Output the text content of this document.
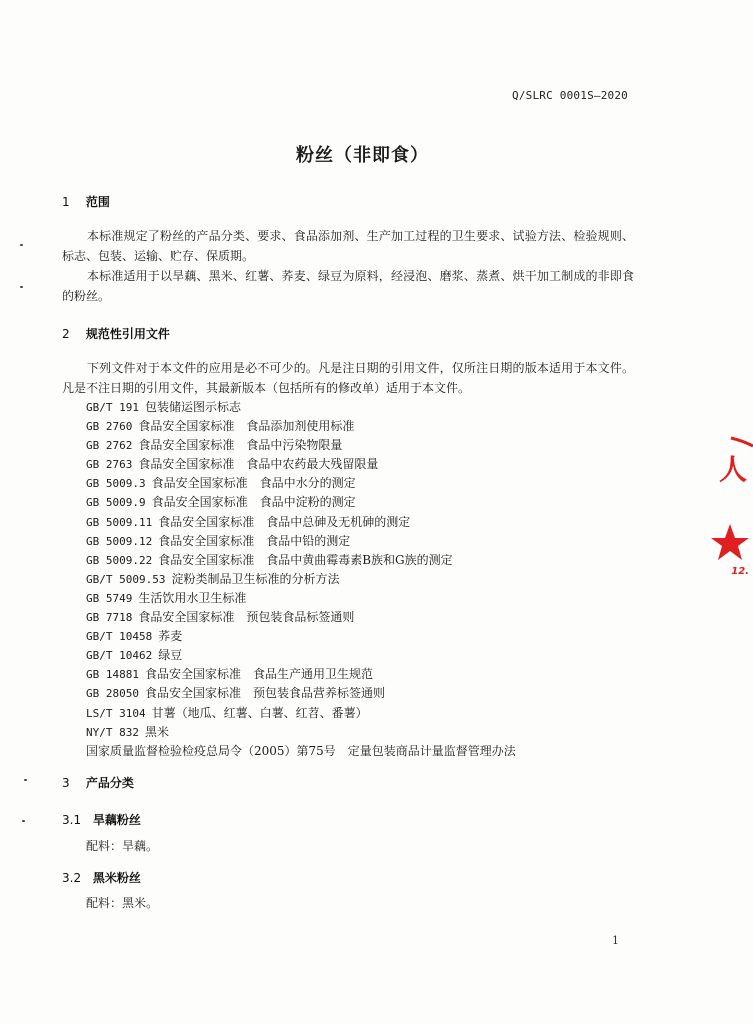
Q/SLRC 0001S—2020
粉丝（非即食）
1 范围

本标准规定了粉丝的产品分类、要求、食品添加剂、生产加工过程的卫生要求、试验方法、检验规则、标志、包装、运输、贮存、保质期。

本标准适用于以旱藕、黑米、红薯、荞麦、绿豆为原料，经浸泡、磨浆、蒸煮、烘干加工制成的非即食的粉丝。

2 规范性引用文件

下列文件对于本文件的应用是必不可少的。凡是注日期的引用文件，仅所注日期的版本适用于本文件。凡是不注日期的引用文件，其最新版本（包括所有的修改单）适用于本文件。

GB/T 191 包装储运图示标志
GB 2760 食品安全国家标准　食品添加剂使用标准
GB 2762 食品安全国家标准　食品中污染物限量
GB 2763 食品安全国家标准　食品中农药最大残留限量
GB 5009.3 食品安全国家标准　食品中水分的测定
GB 5009.9 食品安全国家标准　食品中淀粉的测定
GB 5009.11 食品安全国家标准　食品中总砷及无机砷的测定
GB 5009.12 食品安全国家标准　食品中铅的测定
GB 5009.22 食品安全国家标准　食品中黄曲霉毒素B族和G族的测定
GB/T 5009.53 淀粉类制品卫生标准的分析方法
GB 5749 生活饮用水卫生标准
GB 7718 食品安全国家标准　预包装食品标签通则
GB/T 10458 荞麦
GB/T 10462 绿豆
GB 14881 食品安全国家标准　食品生产通用卫生规范
GB 28050 食品安全国家标准　预包装食品营养标签通则
LS/T 3104 甘薯（地瓜、红薯、白薯、红苕、番薯）
NY/T 832 黑米
国家质量监督检验检疫总局令（2005）第75号　定量包装商品计量监督管理办法
3 产品分类
3.1 旱藕粉丝
配料：旱藕。
3.2 黑米粉丝
配料：黑米。
1
人
12.
